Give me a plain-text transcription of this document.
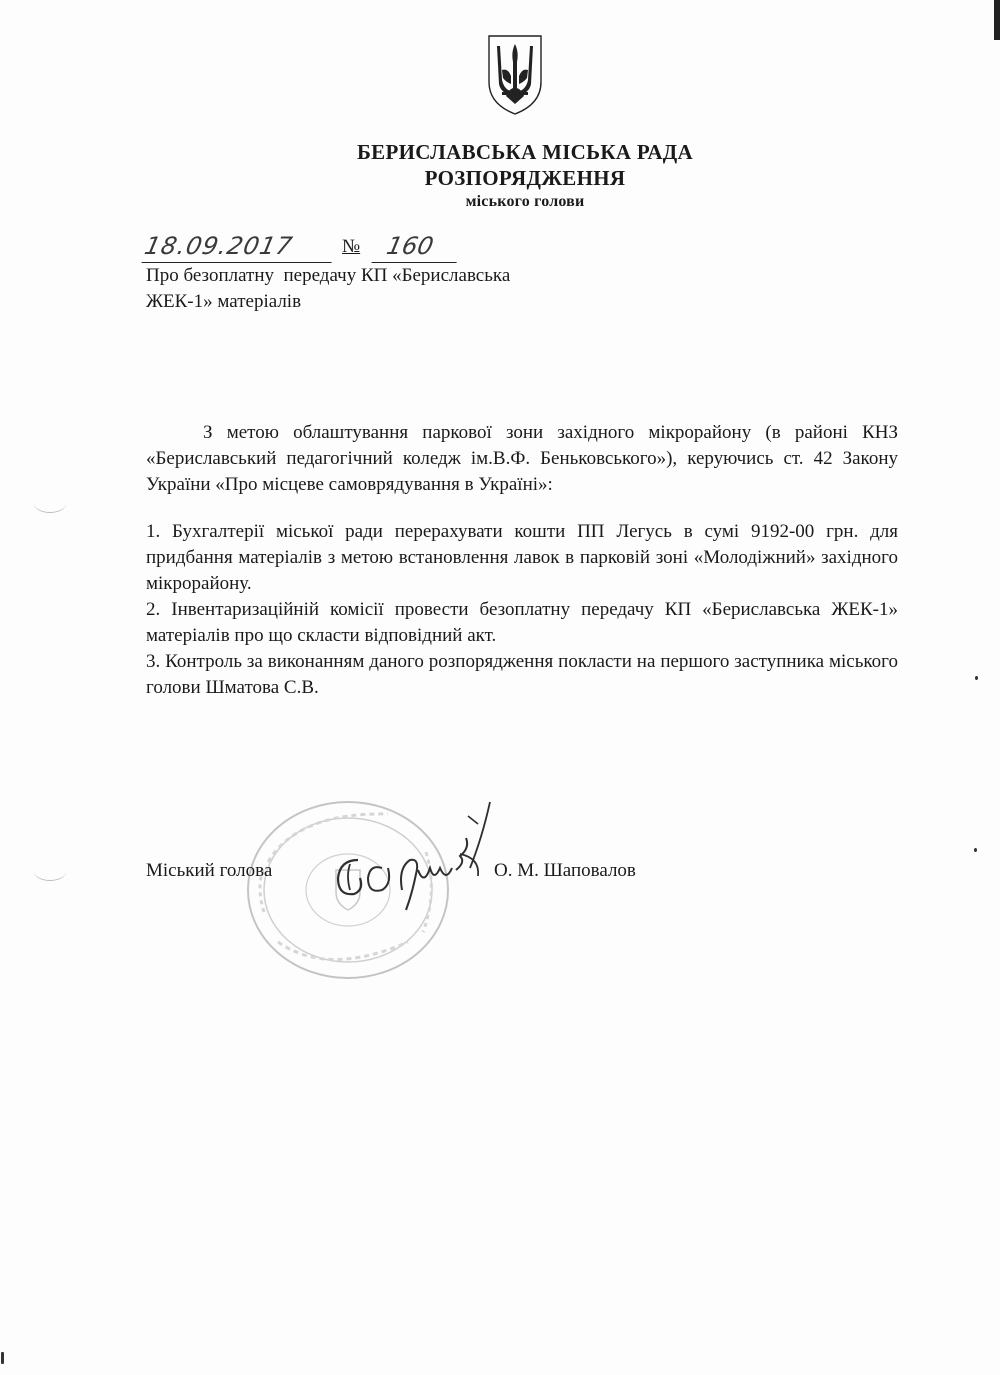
БЕРИСЛАВСЬКА МІСЬКА РАДА
РОЗПОРЯДЖЕННЯ
міського голови
18.09.2017	№ 160
Про безоплатну  передачу КП «Бериславська
ЖЕК-1» матеріалів

З метою облаштування паркової зони західного мікрорайону (в районі КНЗ «Бериславський педагогічний коледж ім.В.Ф. Беньковського»), керуючись ст. 42 Закону України «Про місцеве самоврядування в Україні»:

1. Бухгалтерії міської ради перерахувати кошти ПП Легусь в сумі 9192-00 грн. для придбання матеріалів з метою встановлення лавок в парковій зоні «Молодіжний» західного мікрорайону.

2. Інвентаризаційній комісії провести безоплатну передачу КП «Бериславська ЖЕК-1» матеріалів про що скласти відповідний акт.

3. Контроль за виконанням даного розпорядження покласти на першого заступника міського голови Шматова С.В.

Міський голова	О. М. Шаповалов
